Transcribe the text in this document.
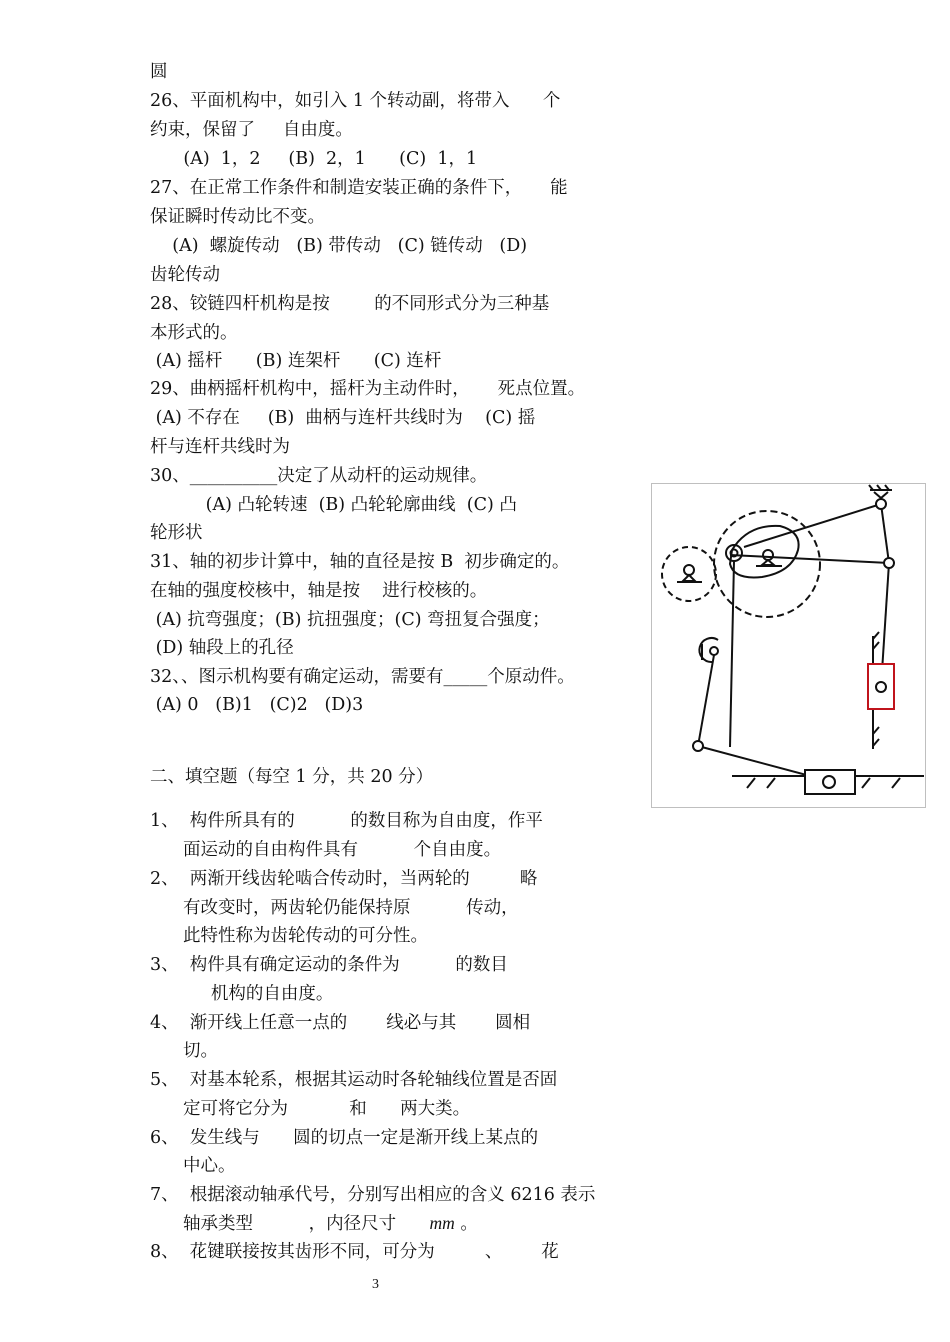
圆
26、平面机构中，如引入 1 个转动副，将带入      个
约束，保留了     自由度。
(A)  1，2     (B)  2，1      (C)  1，1
27、在正常工作条件和制造安装正确的条件下，     能
保证瞬时传动比不变。
(A)  螺旋传动   (B) 带传动   (C) 链传动   (D)
齿轮传动
28、铰链四杆机构是按        的不同形式分为三种基
本形式的。
(A) 摇杆      (B) 连架杆      (C) 连杆
29、曲柄摇杆机构中，摇杆为主动件时，     死点位置。
(A) 不存在     (B)  曲柄与连杆共线时为    (C) 摇
杆与连杆共线时为
30、__________决定了从动杆的运动规律。
(A) 凸轮转速  (B) 凸轮轮廓曲线  (C) 凸
轮形状
31、轴的初步计算中，轴的直径是按 B  初步确定的。
在轴的强度校核中，轴是按    进行校核的。
(A) 抗弯强度；(B) 抗扭强度；(C) 弯扭复合强度；
(D) 轴段上的孔径
32、、图示机构要有确定运动，需要有_____个原动件。
(A) 0   (B)1   (C)2   (D)3
二、填空题（每空 1 分，共 20 分）
1、  构件所具有的          的数目称为自由度，作平
面运动的自由构件具有          个自由度。
2、  两渐开线齿轮啮合传动时，当两轮的         略
有改变时，两齿轮仍能保持原          传动，
此特性称为齿轮传动的可分性。
3、  构件具有确定运动的条件为          的数目
机构的自由度。
4、  渐开线上任意一点的       线必与其       圆相
切。
5、  对基本轮系，根据其运动时各轮轴线位置是否固
定可将它分为           和      两大类。
6、  发生线与      圆的切点一定是渐开线上某点的
中心。
7、  根据滚动轴承代号，分别写出相应的含义 6216 表示
轴承类型          ，内径尺寸      mm 。
8、  花键联接按其齿形不同，可分为         、       花
3
